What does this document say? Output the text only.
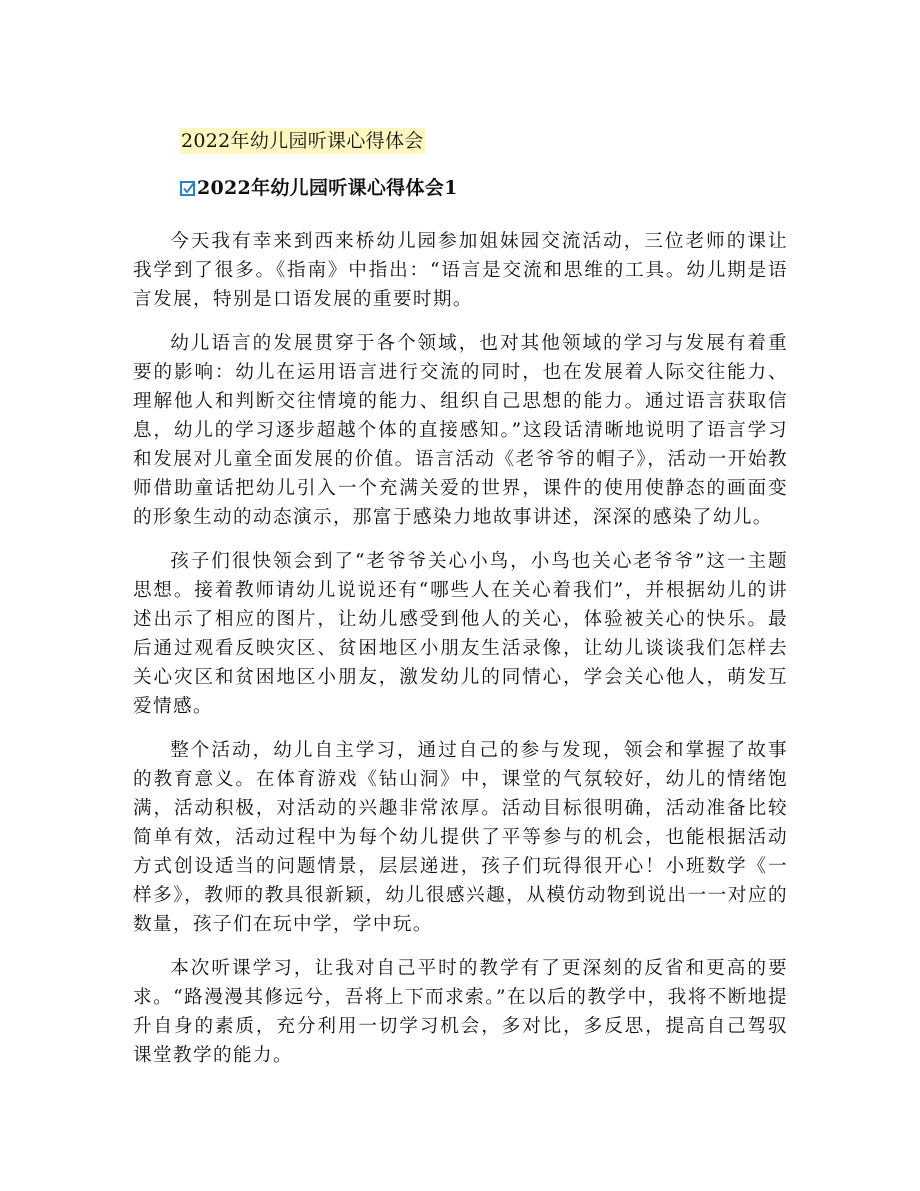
2022年幼儿园听课心得体会
2022年幼儿园听课心得体会1

今天我有幸来到西来桥幼儿园参加姐妹园交流活动，三位老师的课让我学到了很多。《指南》中指出：“语言是交流和思维的工具。幼儿期是语言发展，特别是口语发展的重要时期。

幼儿语言的发展贯穿于各个领域，也对其他领域的学习与发展有着重要的影响：幼儿在运用语言进行交流的同时，也在发展着人际交往能力、理解他人和判断交往情境的能力、组织自己思想的能力。通过语言获取信息，幼儿的学习逐步超越个体的直接感知。”这段话清晰地说明了语言学习和发展对儿童全面发展的价值。语言活动《老爷爷的帽子》，活动一开始教师借助童话把幼儿引入一个充满关爱的世界，课件的使用使静态的画面变的形象生动的动态演示，那富于感染力地故事讲述，深深的感染了幼儿。

孩子们很快领会到了“老爷爷关心小鸟，小鸟也关心老爷爷”这一主题思想。接着教师请幼儿说说还有“哪些人在关心着我们”，并根据幼儿的讲述出示了相应的图片，让幼儿感受到他人的关心，体验被关心的快乐。最后通过观看反映灾区、贫困地区小朋友生活录像，让幼儿谈谈我们怎样去关心灾区和贫困地区小朋友，激发幼儿的同情心，学会关心他人，萌发互爱情感。

整个活动，幼儿自主学习，通过自己的参与发现，领会和掌握了故事的教育意义。在体育游戏《钻山洞》中，课堂的气氛较好，幼儿的情绪饱满，活动积极，对活动的兴趣非常浓厚。活动目标很明确，活动准备比较简单有效，活动过程中为每个幼儿提供了平等参与的机会，也能根据活动方式创设适当的问题情景，层层递进，孩子们玩得很开心！小班数学《一样多》，教师的教具很新颖，幼儿很感兴趣，从模仿动物到说出一一对应的数量，孩子们在玩中学，学中玩。

本次听课学习，让我对自己平时的教学有了更深刻的反省和更高的要求。“路漫漫其修远兮，吾将上下而求索。”在以后的教学中，我将不断地提升自身的素质，充分利用一切学习机会，多对比，多反思，提高自己驾驭课堂教学的能力。
